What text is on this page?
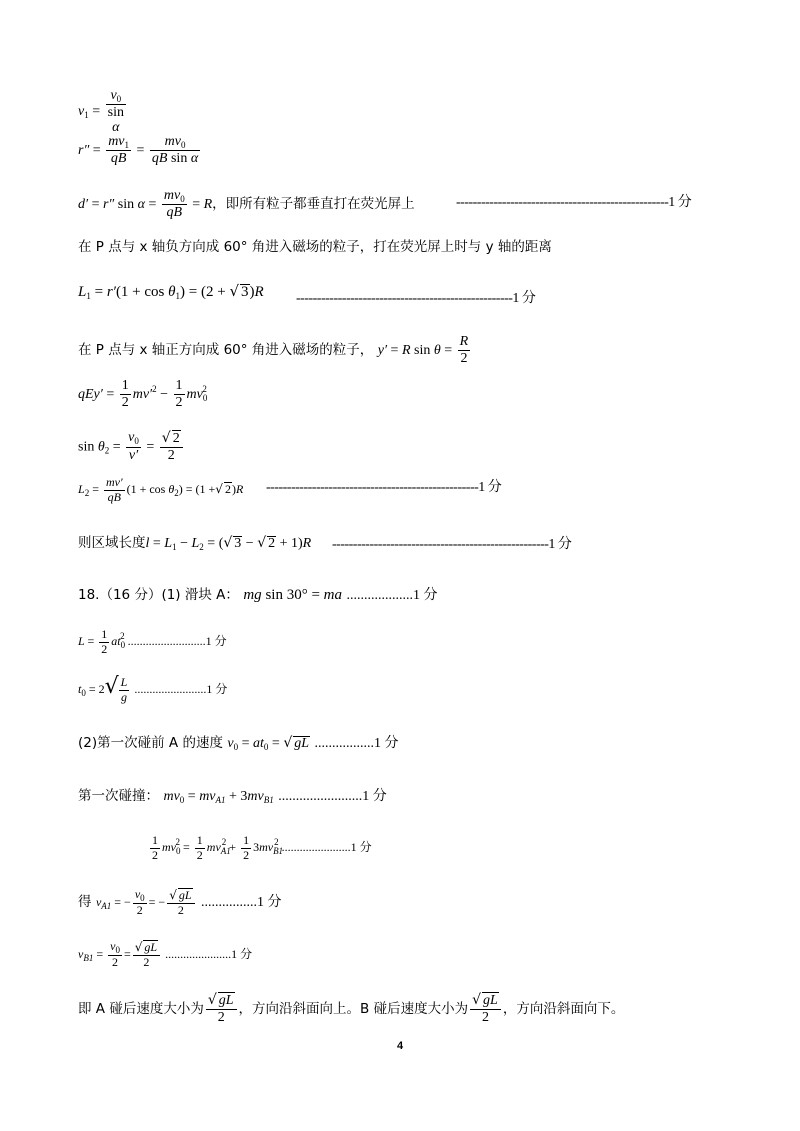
$v_1$ =
$v_0$
sin
α
$r'' = \frac{mv_1}{qB} = \frac{mv_0}{\text{qB sin α}}$
d′ = r″ $\sin \alpha = \frac{mv_0}{qB} = R$，即所有粒子都垂直打在荧光屏上	---------------------------------------------------1 分
在 P 点与 x 轴负方向成 60° 角进入磁场的粒子，打在荧光屏上时与 y 轴的距离
$L_1 = r'(1 + \cos \theta_1) = (2$ + √ 3)R ----------------------------------------------------1 分
在 P 点与 x 轴正方向成 60° 角进入磁场的粒子， y′ = R $\sin \theta = \frac{R}{2}$
$qEy' = \frac{1}{2} mv'^2 - \frac{1}{2} mv_0^2$
$\sin \theta_2 = \frac{v_0}{v'} = \frac{√ 2}{2}$
$L_2 = \frac{mv'}{qB} (1 + \cos \theta_2) = (1$ +√ 2)R ---------------------------------------------------1 分
则区域长度$l = L_1 - L_2$ = (√ 3 − √ 2 + 1)R ----------------------------------------------------1 分
18.（16 分）(1) 滑块 A： mg sin 30° = ma ...................1 分
$L = \frac{1}{2} at_0^2$ ..........................1 分
$t_0 = 2√ \frac{L}{g} ........................1$ 分
(2)第一次碰前 A 的速度 $v_0 = at_0$ = √ gL .................1 分
第一次碰撞： $mv_0 = mv_{A1} + 3mv_{B1}$ ........................1 分
$\frac{1}{2} mv_0^2 = \frac{1}{2} mv_{A1}^2 + \frac{1}{2} 3mv_{B1}^2$ .......................1 分
得 $v_{A1}$ = − $\frac{v_0}{2}$ = − $\frac{√ gL}{2} ................1$ 分
$v_{B1} = \frac{v_0}{2} = \frac{√ gL}{2} ......................1$ 分
即 A 碰后速度大小为 $\frac{√ gL}{2}$ ，方向沿斜面向上。B 碰后速度大小为 $\frac{√ gL}{2}$ ，方向沿斜面向下。
4
